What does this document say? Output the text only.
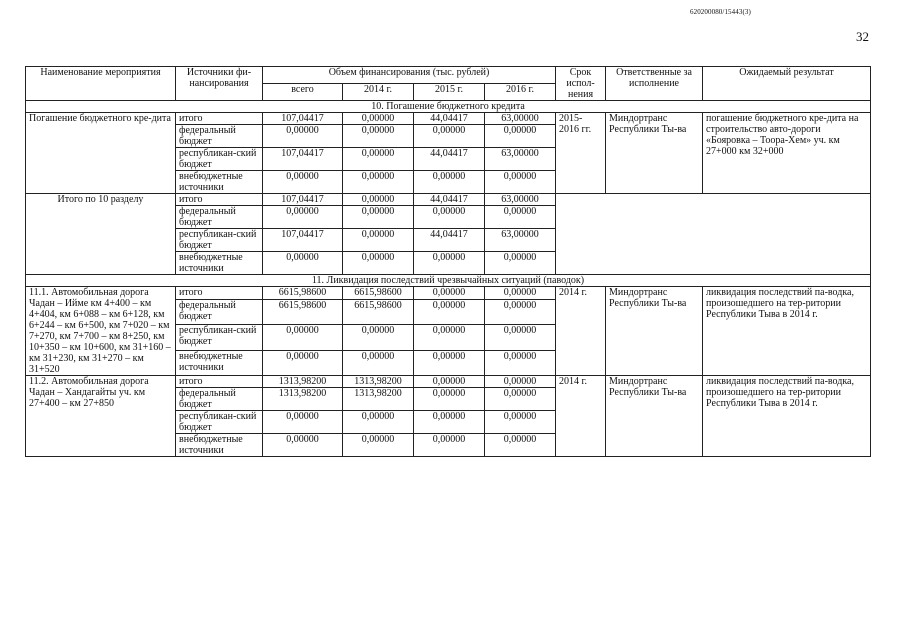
620200080/15443(3)
32
Наименование мероприятия	Источники фи-нансирования	Объем финансирования (тыс. рублей)				Срок испол-нения	Ответственные за исполнение	Ожидаемый результат
		всего	2014 г.	2015 г.	2016 г.			
10. Погашение бюджетного кредита								
Погашение бюджетного кре-дита	итого	107,04417	0,00000	44,04417	63,00000	2015-2016 гг.	Миндортранс Республики Ты-ва	погашение бюджетного кре-дита на строительство авто-дороги «Бояровка – Тоора-Хем» уч. км 27+000 км 32+000
	федеральный бюджет	0,00000	0,00000	0,00000	0,00000			
	республикан-ский бюджет	107,04417	0,00000	44,04417	63,00000			
	внебюджетные источники	0,00000	0,00000	0,00000	0,00000			
Итого по 10 разделу	итого	107,04417	0,00000	44,04417	63,00000			
	федеральный бюджет	0,00000	0,00000	0,00000	0,00000			
	республикан-ский бюджет	107,04417	0,00000	44,04417	63,00000			
	внебюджетные источники	0,00000	0,00000	0,00000	0,00000			
11. Ликвидация последствий чрезвычайных ситуаций (паводок)								
11.1. Автомобильная дорога Чадан – Ийме км 4+400 – км 4+404, км 6+088 – км 6+128, км 6+244 – км 6+500, км 7+020 – км 7+270, км 7+700 – км 8+250, км 10+350 – км 10+600, км 31+160 – км 31+230, км 31+270 – км 31+520	итого	6615,98600	6615,98600	0,00000	0,00000	2014 г.	Миндортранс Республики Ты-ва	ликвидация последствий па-водка, произошедшего на тер-ритории Республики Тыва в 2014 г.
	федеральный бюджет	6615,98600	6615,98600	0,00000	0,00000			
	республикан-ский бюджет	0,00000	0,00000	0,00000	0,00000			
	внебюджетные источники	0,00000	0,00000	0,00000	0,00000			
11.2. Автомобильная дорога Чадан – Хандагайты уч. км 27+400 – км 27+850	итого	1313,98200	1313,98200	0,00000	0,00000	2014 г.	Миндортранс Республики Ты-ва	ликвидация последствий па-водка, произошедшего на тер-ритории Республики Тыва в 2014 г.
	федеральный бюджет	1313,98200	1313,98200	0,00000	0,00000			
	республикан-ский бюджет	0,00000	0,00000	0,00000	0,00000			
	внебюджетные источники	0,00000	0,00000	0,00000	0,00000			
